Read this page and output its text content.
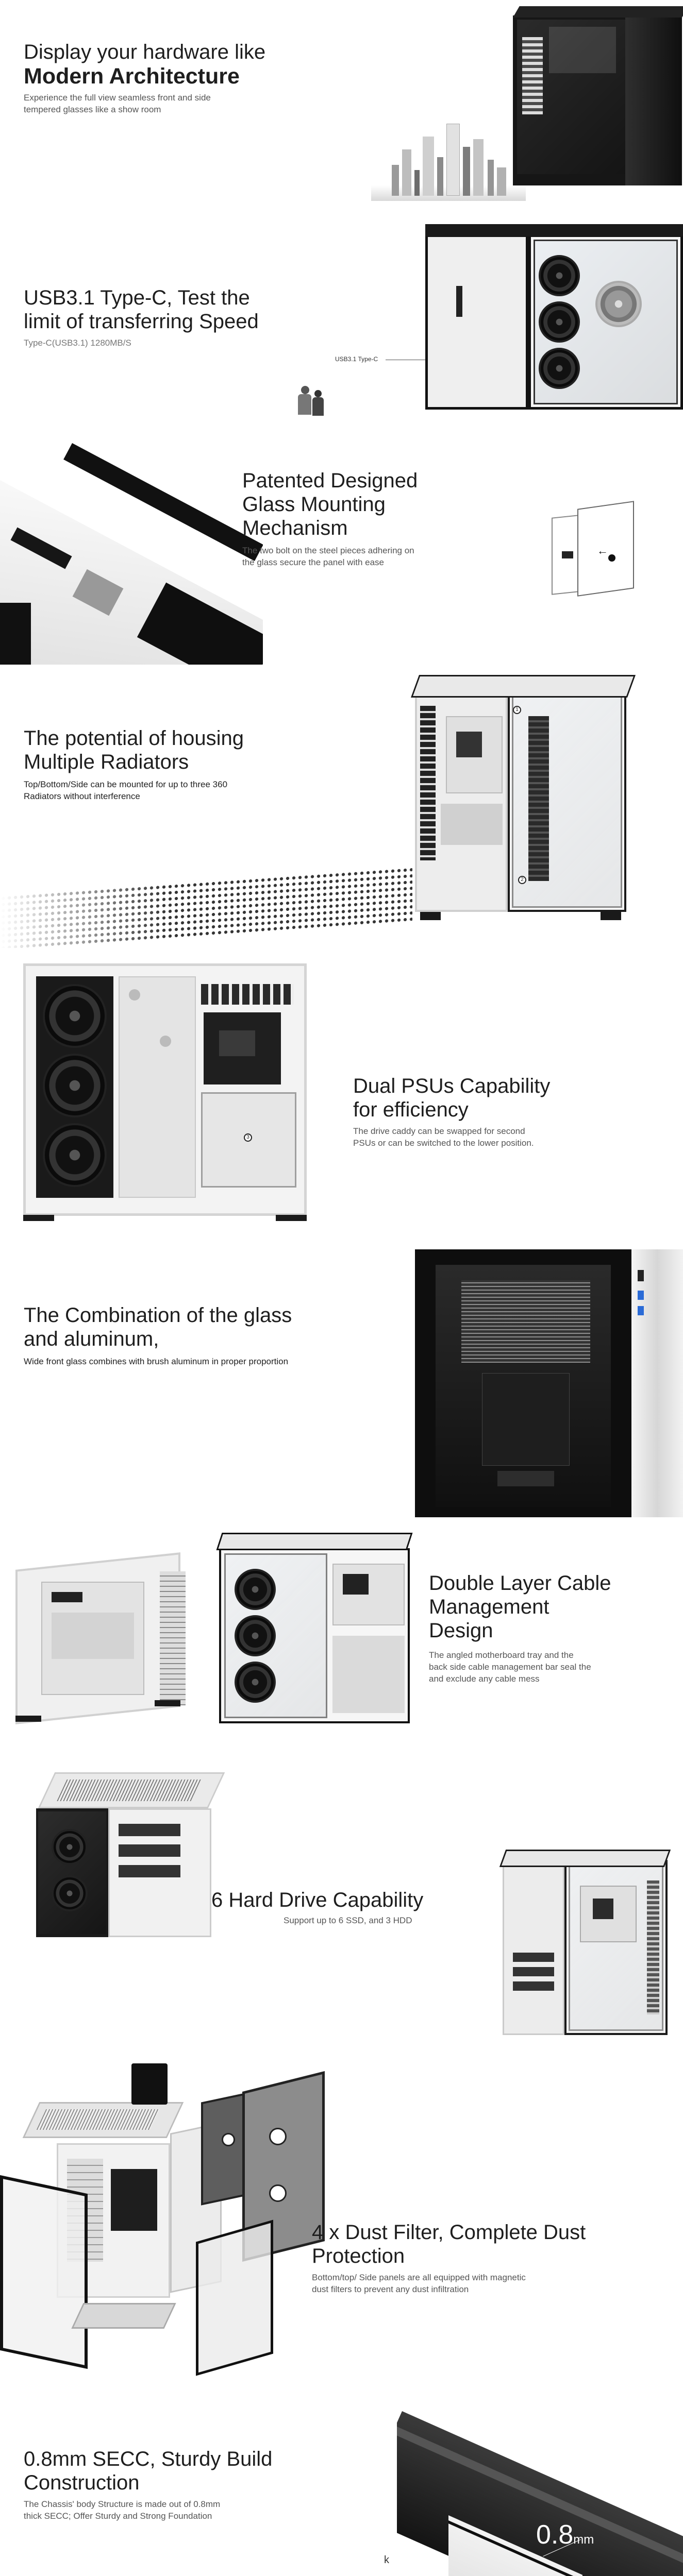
Display your hardware like
Modern Architecture
Experience the full view seamless front and side
tempered glasses like a show room
USB3.1 Type-C, Test the
limit of transferring Speed
Type-C(USB3.1) 1280MB/S
USB3.1 Type-C
Patented Designed
Glass Mounting
Mechanism
The two bolt on the steel pieces adhering on
the glass secure the panel with ease
←
The potential of housing
Multiple Radiators
Top/Bottom/Side can be mounted for up to three 360
Radiators without interference
1
2
3
Dual PSUs Capability
for efficiency
The drive caddy can be swapped for second
PSUs or can be switched to the lower position.
The Combination of the glass
and aluminum,
Wide front glass combines with brush aluminum in proper proportion
Double Layer Cable
Management
Design
The angled motherboard tray and the
back side cable management bar seal the
and exclude any cable mess
6 Hard Drive Capability
Support up to 6 SSD, and 3 HDD
4 x Dust Filter, Complete Dust
Protection
Bottom/top/ Side panels are all equipped with magnetic
dust filters to prevent any dust infiltration
0.8mm SECC, Sturdy Build
Construction
The Chassis' body Structure is made out of 0.8mm
thick SECC; Offer Sturdy and Strong Foundation
k
0.8mm
